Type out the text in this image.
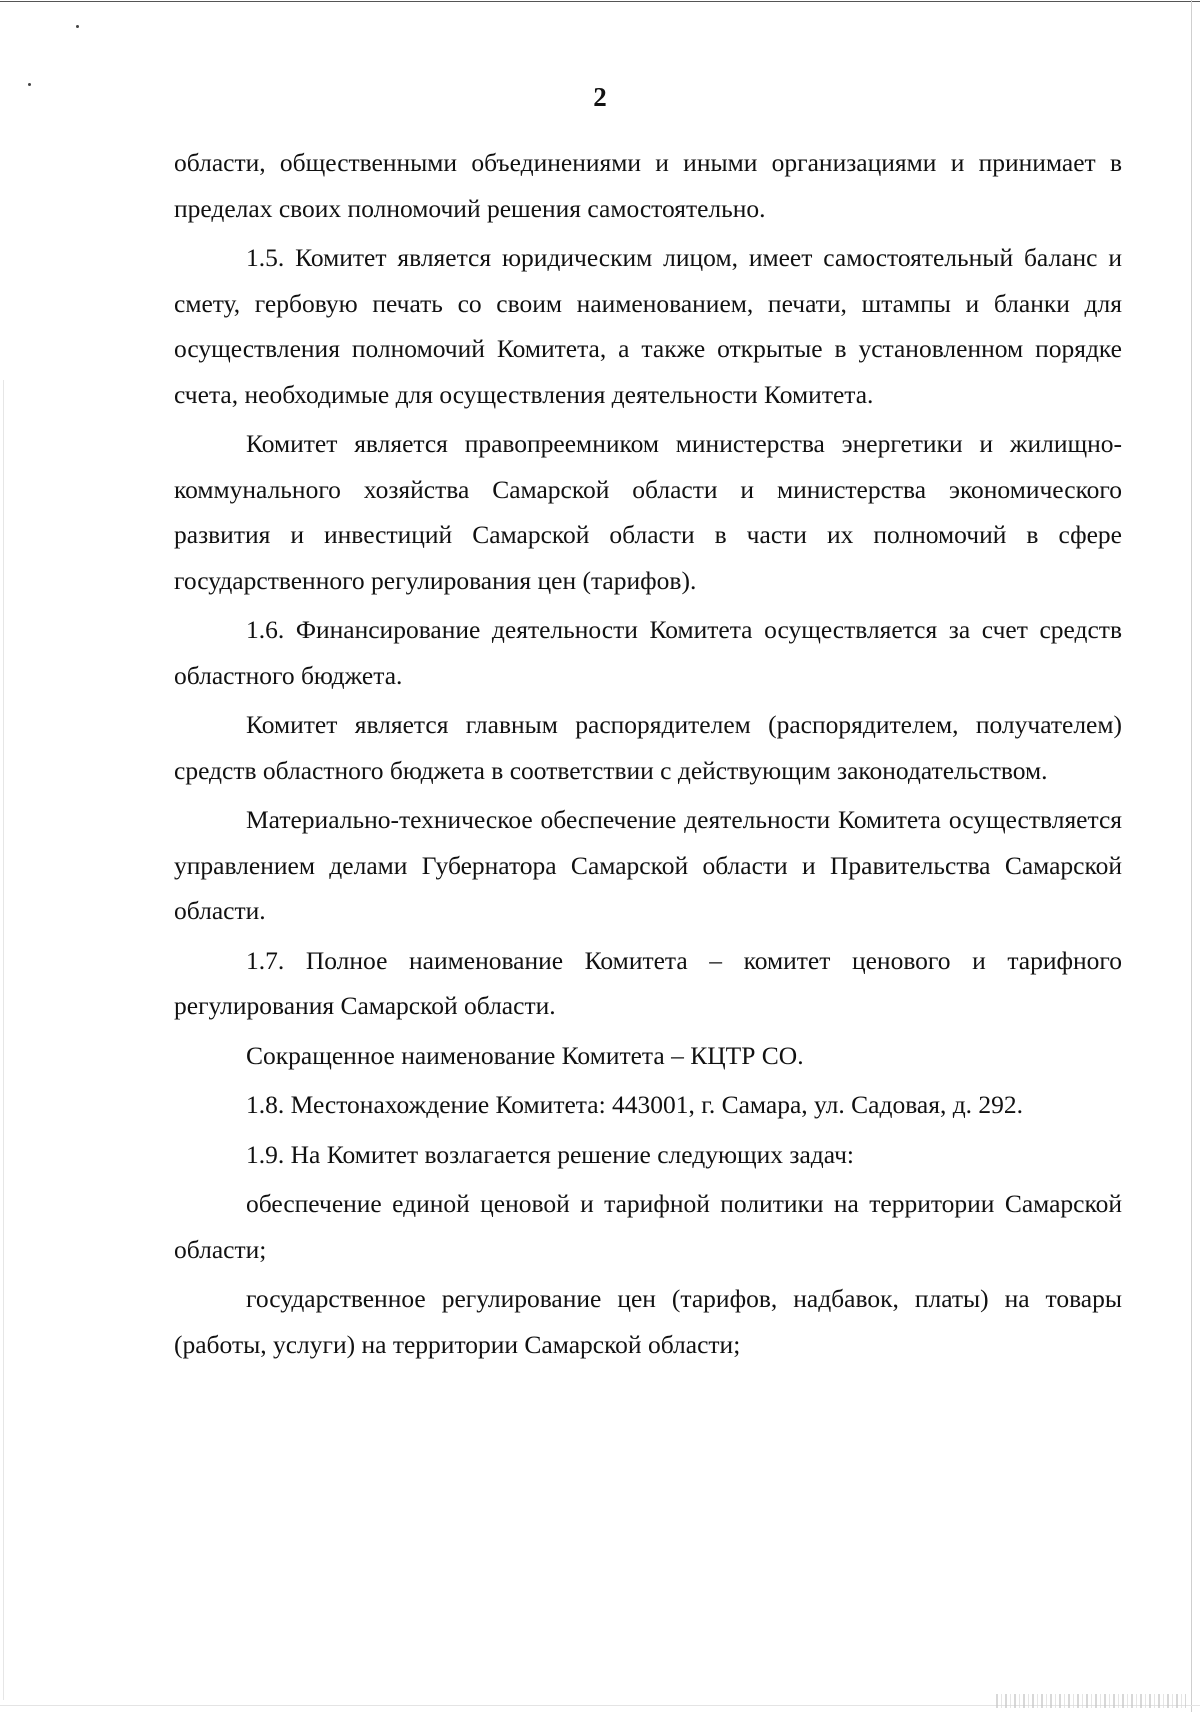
2

области, общественными объединениями и иными организациями и принимает в пределах своих полномочий решения самостоятельно.

1.5. Комитет является юридическим лицом, имеет самостоятельный баланс и смету, гербовую печать со своим наименованием, печати, штампы и бланки для осуществления полномочий Комитета, а также открытые в установленном порядке счета, необходимые для осуществления деятельности Комитета.

Комитет является правопреемником министерства энергетики и жилищно-коммунального хозяйства Самарской области и министерства экономического развития и инвестиций Самарской области в части их полномочий в сфере государственного регулирования цен (тарифов).

1.6. Финансирование деятельности Комитета осуществляется за счет средств областного бюджета.

Комитет является главным распорядителем (распорядителем, получателем) средств областного бюджета в соответствии с действующим законодательством.

Материально-техническое обеспечение деятельности Комитета осуществляется управлением делами Губернатора Самарской области и Правительства Самарской области.

1.7. Полное наименование Комитета – комитет ценового и тарифного регулирования Самарской области.

Сокращенное наименование Комитета – КЦТР СО.

1.8. Местонахождение Комитета: 443001, г. Самара, ул. Садовая, д. 292.

1.9. На Комитет возлагается решение следующих задач:

обеспечение единой ценовой и тарифной политики на территории Самарской области;

государственное регулирование цен (тарифов, надбавок, платы) на товары (работы, услуги) на территории Самарской области;
